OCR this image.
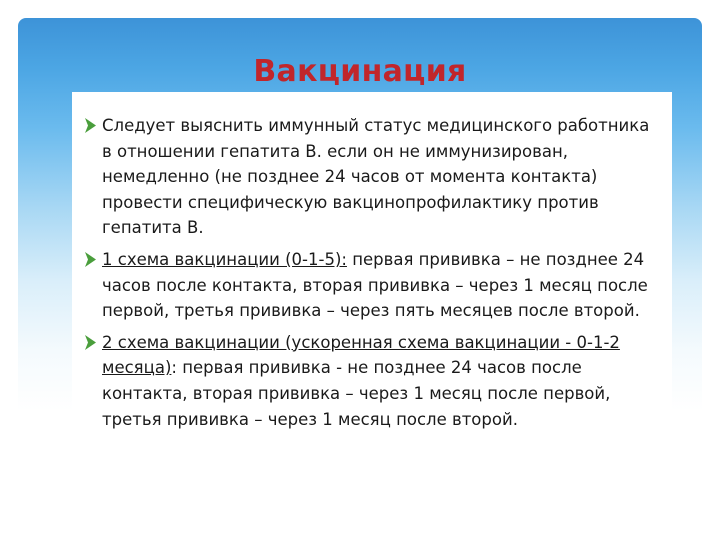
Вакцинация
Следует выяснить иммунный статус медицинского работника в отношении гепатита В. если он не иммунизирован, немедленно (не позднее 24 часов от момента контакта) провести специфическую вакцинопрофилактику против гепатита В.
1 схема вакцинации (0-1-5): первая прививка – не позднее 24 часов после контакта, вторая прививка – через 1 месяц после первой, третья прививка – через пять месяцев после второй.
2 схема вакцинации (ускоренная схема вакцинации - 0-1-2 месяца): первая прививка - не позднее 24 часов после контакта, вторая прививка – через 1 месяц после первой, третья прививка – через 1 месяц после второй.
